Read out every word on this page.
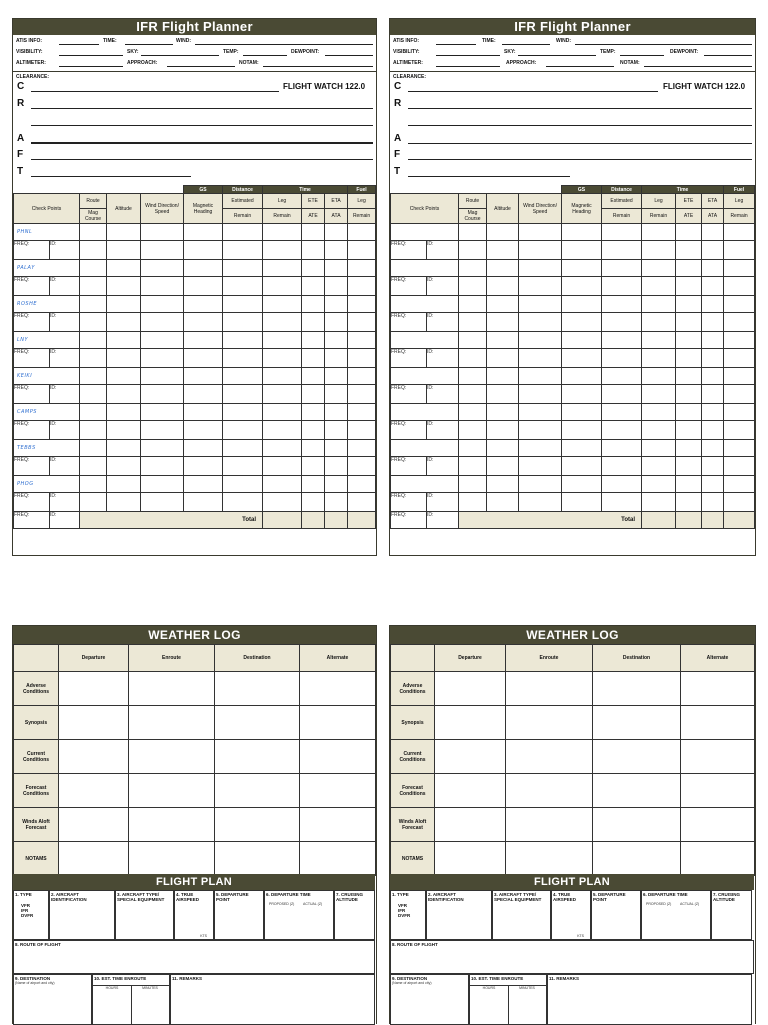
IFR Flight Planner
ATIS INFO:	TIME:	WIND:
VISIBILITY:	SKY:	TEMP:	DEWPOINT:
ALTIMETER:	APPROACH:	NOTAM:
CLEARANCE:
C	FLIGHT WATCH 122.0
R
A
F
T
					GS	Distance	Time			Fuel
Check Points		Route	Altitude	Wind Direction/ Speed	Magnetic Heading	Estimated	Leg	ETE	ETA	Leg
		Mag Course				Remain	Remain	ATE	ATA	Remain
PHNL										
FREQ:	ID:									
PALAY										
FREQ:	ID:									
ROSHE										
FREQ:	ID:									
LNY										
FREQ:	ID:									
KEIKI										
FREQ:	ID:									
CAMPS										
FREQ:	ID:									
TEBBS										
FREQ:	ID:									
PHOG										
FREQ:	ID:									
FREQ:	ID:	Total								
IFR Flight Planner
ATIS INFO:	TIME:	WIND:
VISIBILITY:	SKY:	TEMP:	DEWPOINT:
ALTIMETER:	APPROACH:	NOTAM:
CLEARANCE:
C	FLIGHT WATCH 122.0
R
A
F
T
					GS	Distance	Time			Fuel
Check Points		Route	Altitude	Wind Direction/ Speed	Magnetic Heading	Estimated	Leg	ETE	ETA	Leg
		Mag Course				Remain	Remain	ATE	ATA	Remain

FREQ:	ID:									

FREQ:	ID:									

FREQ:	ID:									

FREQ:	ID:									

FREQ:	ID:									

FREQ:	ID:									

FREQ:	ID:									

FREQ:	ID:									
FREQ:	ID:	Total								
WEATHER LOG
	Departure	Enroute	Destination	Alternate
Adverse Conditions				
Synopsis				
Current Conditions				
Forecast Conditions				
Winds Aloft Forecast				
NOTAMS				
FLIGHT PLAN
1. TYPE
VFR
IFR
DVFR
2. AIRCRAFT IDENTIFICATION
3. AIRCRAFT TYPE/ SPECIAL EQUIPMENT
4. TRUE AIRSPEED
KTS
5. DEPARTURE POINT
6. DEPARTURE TIME
PROPOSED (Z) ACTUAL (Z)
7. CRUISING ALTITUDE
8. ROUTE OF FLIGHT
9. DESTINATION
(Name of airport and city)
10. EST. TIME ENROUTE
HOURS	MINUTES
11. REMARKS
WEATHER LOG
	Departure	Enroute	Destination	Alternate
Adverse Conditions				
Synopsis				
Current Conditions				
Forecast Conditions				
Winds Aloft Forecast				
NOTAMS				
FLIGHT PLAN
1. TYPE
VFR
IFR
DVFR
2. AIRCRAFT IDENTIFICATION
3. AIRCRAFT TYPE/ SPECIAL EQUIPMENT
4. TRUE AIRSPEED
KTS
5. DEPARTURE POINT
6. DEPARTURE TIME
PROPOSED (Z) ACTUAL (Z)
7. CRUISING ALTITUDE
8. ROUTE OF FLIGHT
9. DESTINATION
(Name of airport and city)
10. EST. TIME ENROUTE
HOURS	MINUTES
11. REMARKS
